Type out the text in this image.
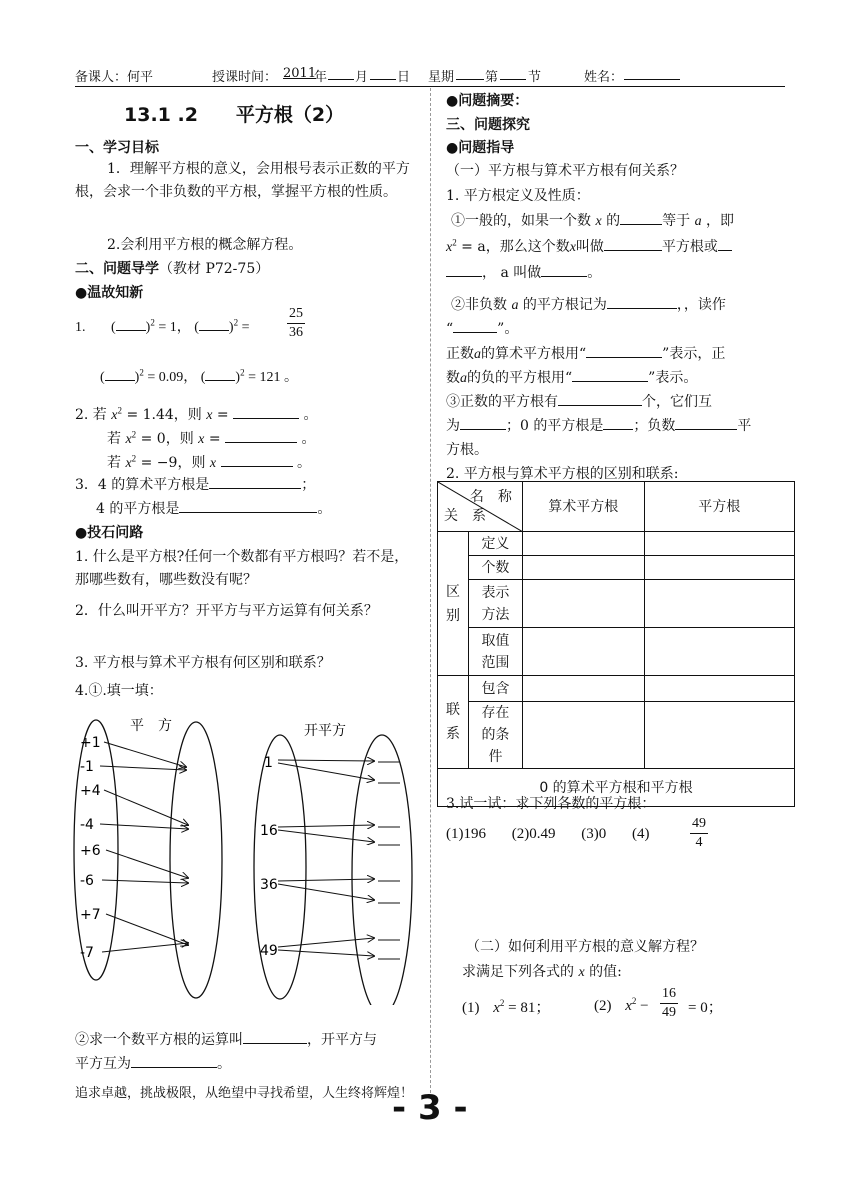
备课人：何平	授课时间： 2011
年 月 日 星期 第 节	姓名：
13.1 .2　　平方根（2）
一、学习目标
1．理解平方根的意义，会用根号表示正数的平方根，会求一个非负数的平方根，掌握平方根的性质。
2.会利用平方根的概念解方程。
二、问题导学（教材 P72-75）
●温故知新
1. ( )$^2$ = 1， ( )$^2$ =	$\frac{25}{36}$
( )$^2$ = 0.09， ( )$^2$ = 121 。
2. 若 $x^2 = 1.44$，则 x =	。
若 $x^2 = 0$，则 x =	。
若 $x^2 = -9$，则 x	。
3．4 的算术平方根是	；
4 的平方根是	。
●投石问路
1. 什么是平方根?任何一个数都有平方根吗？若不是，那哪些数有，哪些数没有呢？
2．什么叫开平方？开平方与平方运算有何关系？
3. 平方根与算术平方根有何区别和联系？
4.①.填一填：
平　方
+1
-1
+4
-4
+6
-6
+7
-7
开平方
1
16
36
49
②求一个数平方根的运算叫	，开平方与
平方互为	。
追求卓越，挑战极限，从绝望中寻找希望，人生终将辉煌！
●问题摘要：
三、问题探究
●问题指导
（一）平方根与算术平方根有何关系？
1. 平方根定义及性质：
①一般的，如果一个数 x 的	等于 a ，即
$x^2 = a$，那么这个数x叫做	平方根或
， a 叫做	。
②非负数 a 的平方根记为	，，读作
“	”。
正数a的算术平方根用“	”表示，正
数a的负的平方根用“	”表示。
③正数的平方根有	个，它们互
为	；0 的平方根是 ；负数	平
方根。
2. 平方根与算术平方根的区别和联系:
名　称
关　系		算术平方根	平方根
区别	定义		
	个数		
	表示方法		
	取值范围		
联系	包含		
	存在的条件		
0 的算术平方根和平方根			
3.试一试：求下列各数的平方根：
(1)196 (2)0.49 (3)0 (4)	$\frac{49}{4}$
（二）如何利用平方根的意义解方程？
求满足下列各式的 x 的值:
(1) $x^2 = 81$；	(2) $x^2 - \frac{16}{49} = 0$；
- 3 -
